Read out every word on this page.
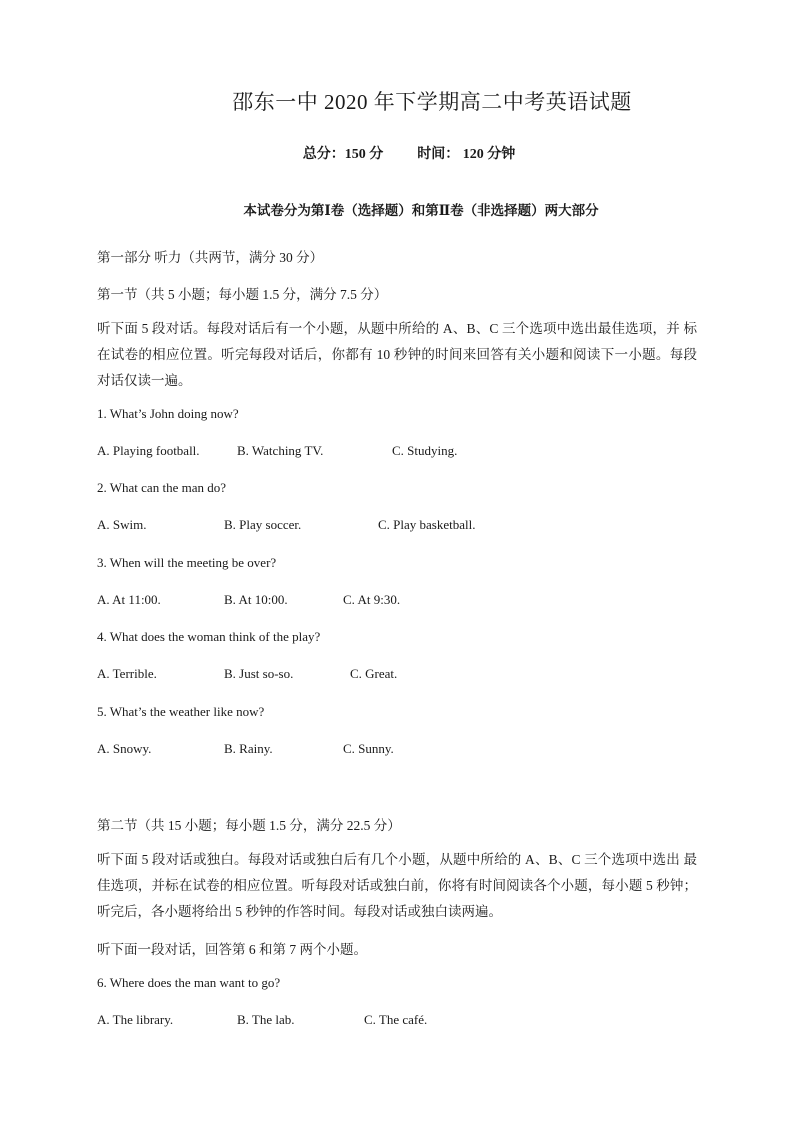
邵东一中 2020 年下学期高二中考英语试题
总分：150 分 时间： 120 分钟
本试卷分为第Ⅰ卷（选择题）和第Ⅱ卷（非选择题）两大部分
第一部分 听力（共两节，满分 30 分）
第一节（共 5 小题；每小题 1.5 分，满分 7.5 分）
听下面 5 段对话。每段对话后有一个小题，从题中所给的 A、B、C 三个选项中选出最佳选项，并 标在试卷的相应位置。听完每段对话后，你都有 10 秒钟的时间来回答有关小题和阅读下一小题。每段 对话仅读一遍。
1. What’s John doing now?
A. Playing football.	B. Watching TV.	C. Studying.
2. What can the man do?
A. Swim.	B. Play soccer.	C. Play basketball.
3. When will the meeting be over?
A. At 11:00.	B. At 10:00.	C. At 9:30.
4. What does the woman think of the play?
A. Terrible.	B. Just so-so.	C. Great.
5. What’s the weather like now?
A. Snowy.	B. Rainy.	C. Sunny.
第二节（共 15 小题；每小题 1.5 分，满分 22.5 分）
听下面 5 段对话或独白。每段对话或独白后有几个小题，从题中所给的 A、B、C 三个选项中选出 最佳选项，并标在试卷的相应位置。听每段对话或独白前，你将有时间阅读各个小题，每小题 5 秒钟； 听完后，各小题将给出 5 秒钟的作答时间。每段对话或独白读两遍。
听下面一段对话，回答第 6 和第 7 两个小题。
6. Where does the man want to go?
A. The library.	B. The lab.	C. The café.
